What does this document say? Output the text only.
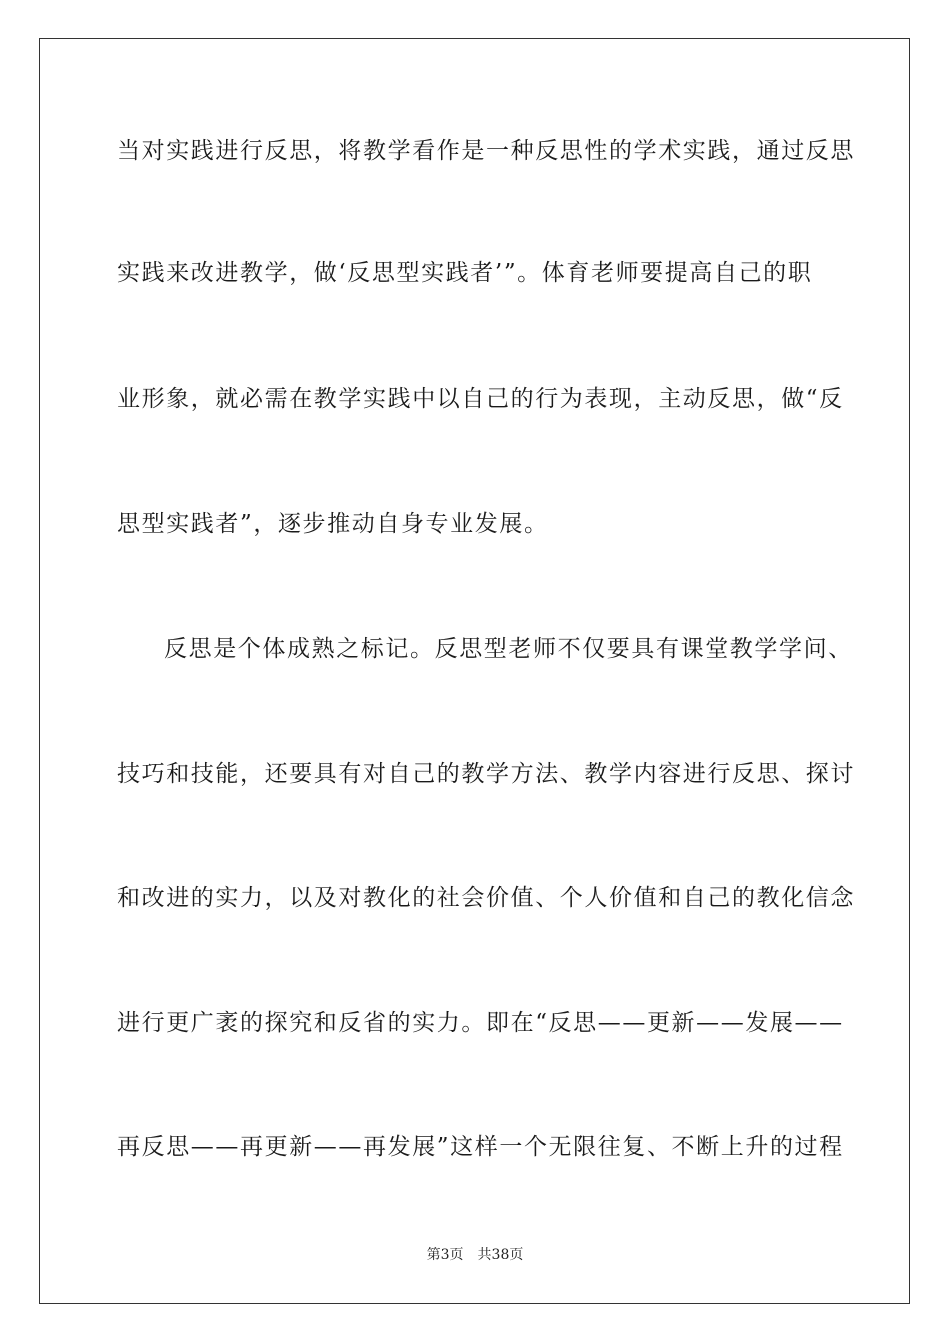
当对实践进行反思，将教学看作是一种反思性的学术实践，通过反思
实践来改进教学，做‘反思型实践者’”。体育老师要提高自己的职
业形象，就必需在教学实践中以自己的行为表现，主动反思，做“反
思型实践者”，逐步推动自身专业发展。
反思是个体成熟之标记。反思型老师不仅要具有课堂教学学问、
技巧和技能，还要具有对自己的教学方法、教学内容进行反思、探讨
和改进的实力，以及对教化的社会价值、个人价值和自己的教化信念
进行更广袤的探究和反省的实力。即在“反思——更新——发展——
再反思——再更新——再发展”这样一个无限往复、不断上升的过程
第3页 共38页
